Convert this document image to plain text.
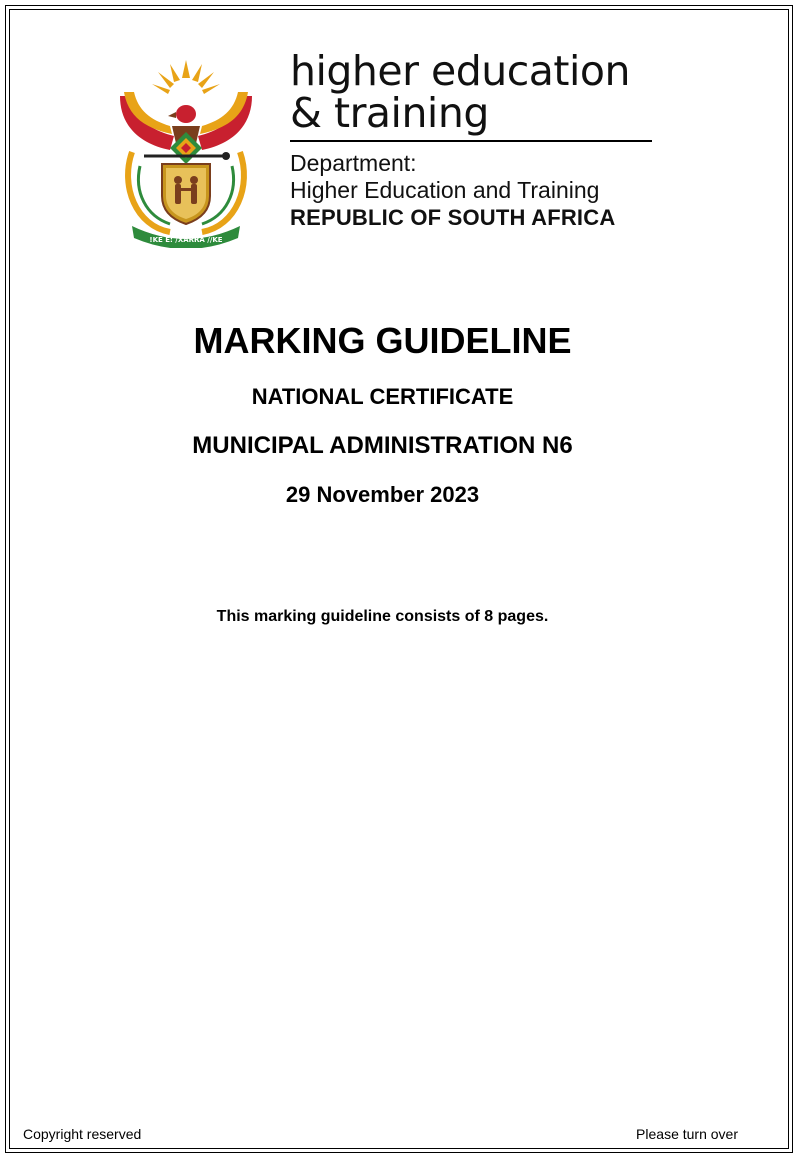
!KE E: /XARRA //KE
higher education
& training
Department:
Higher Education and Training
REPUBLIC OF SOUTH AFRICA
MARKING GUIDELINE
NATIONAL CERTIFICATE
MUNICIPAL ADMINISTRATION N6
29 November 2023
This marking guideline consists of 8 pages.
Copyright reserved	Please turn over
